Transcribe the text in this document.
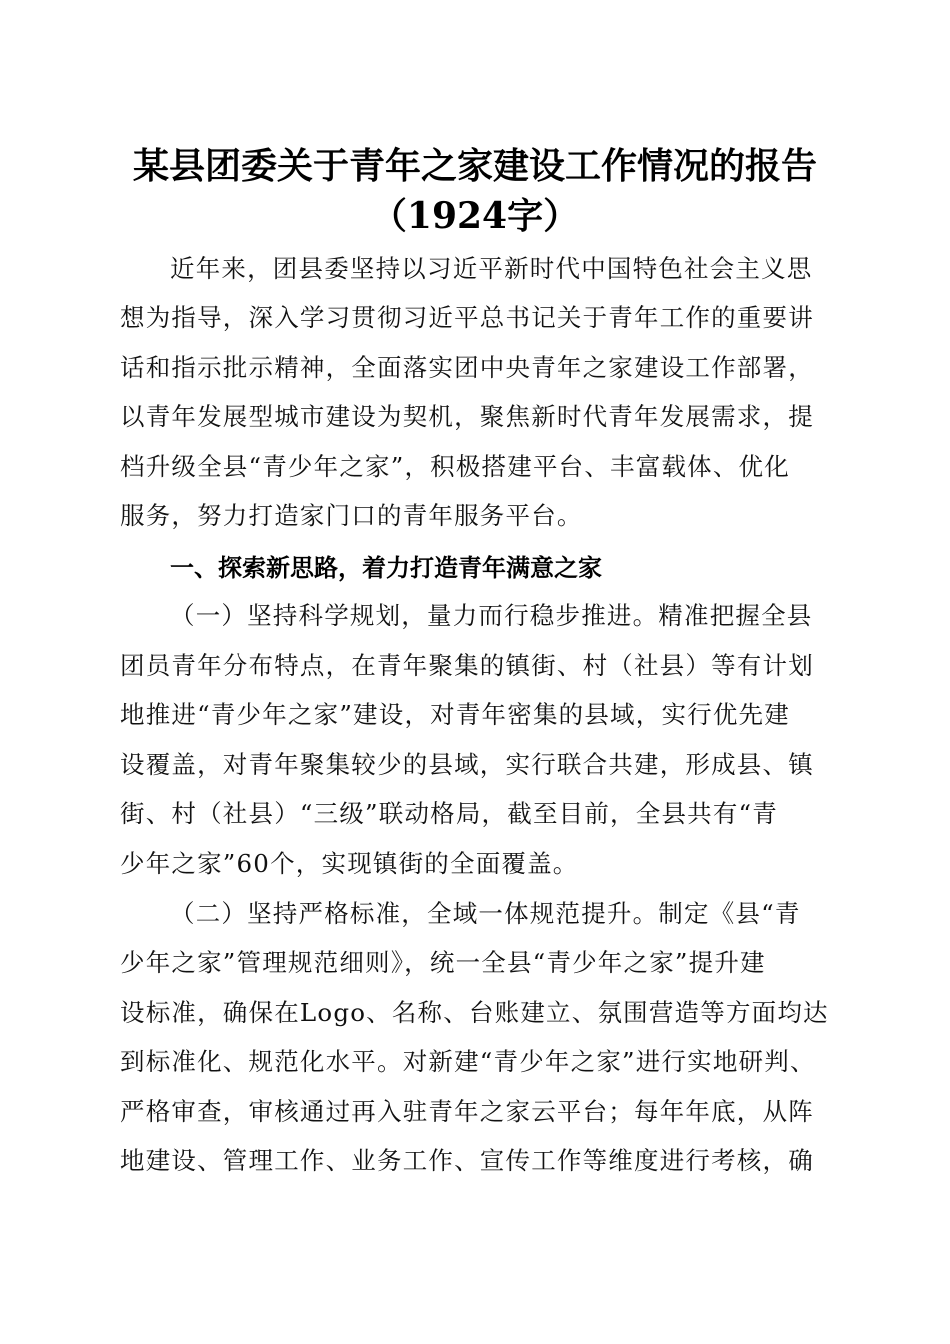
某县团委关于青年之家建设工作情况的报告
（1924字）
近年来，团县委坚持以习近平新时代中国特色社会主义思
想为指导，深入学习贯彻习近平总书记关于青年工作的重要讲
话和指示批示精神，全面落实团中央青年之家建设工作部署，
以青年发展型城市建设为契机，聚焦新时代青年发展需求，提
档升级全县“青少年之家”，积极搭建平台、丰富载体、优化
服务，努力打造家门口的青年服务平台。
一、探索新思路，着力打造青年满意之家
（一）坚持科学规划，量力而行稳步推进。精准把握全县
团员青年分布特点，在青年聚集的镇街、村（社县）等有计划
地推进“青少年之家”建设，对青年密集的县域，实行优先建
设覆盖，对青年聚集较少的县域，实行联合共建，形成县、镇
街、村（社县）“三级”联动格局，截至目前，全县共有“青
少年之家”60个，实现镇街的全面覆盖。
（二）坚持严格标准，全域一体规范提升。制定《县“青
少年之家”管理规范细则》，统一全县“青少年之家”提升建
设标准，确保在Logo、名称、台账建立、氛围营造等方面均达
到标准化、规范化水平。对新建“青少年之家”进行实地研判、
严格审查，审核通过再入驻青年之家云平台；每年年底，从阵
地建设、管理工作、业务工作、宣传工作等维度进行考核，确
